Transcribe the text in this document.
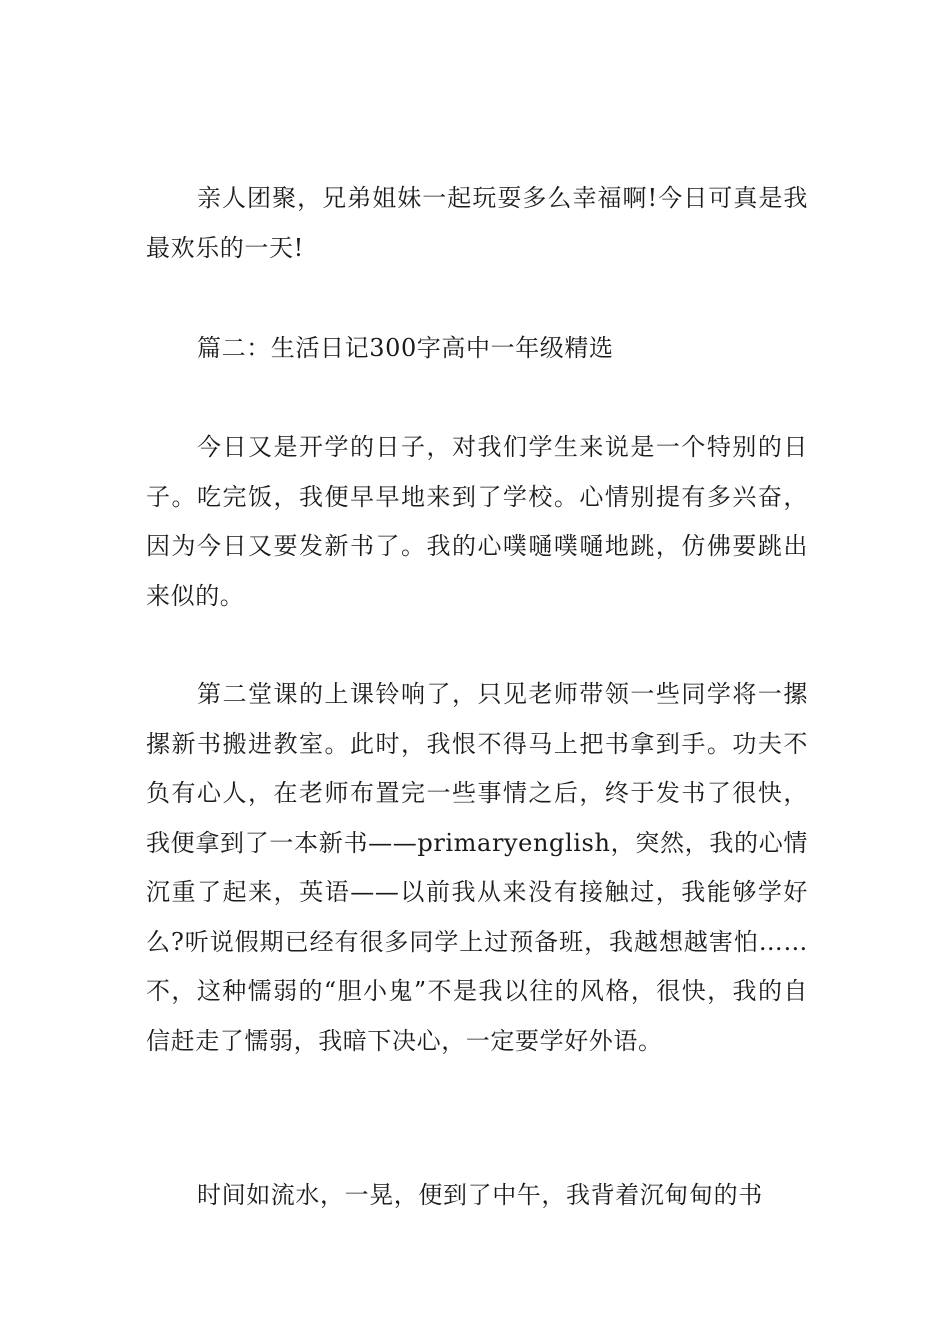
亲人团聚，兄弟姐妹一起玩耍多么幸福啊!今日可真是我最欢乐的一天!

篇二：生活日记300字高中一年级精选

今日又是开学的日子，对我们学生来说是一个特别的日子。吃完饭，我便早早地来到了学校。心情别提有多兴奋，因为今日又要发新书了。我的心噗嗵噗嗵地跳，仿佛要跳出来似的。

第二堂课的上课铃响了，只见老师带领一些同学将一摞摞新书搬进教室。此时，我恨不得马上把书拿到手。功夫不负有心人，在老师布置完一些事情之后，终于发书了很快，我便拿到了一本新书——primaryenglish，突然，我的心情沉重了起来，英语——以前我从来没有接触过，我能够学好么?听说假期已经有很多同学上过预备班，我越想越害怕……不，这种懦弱的“胆小鬼”不是我以往的风格，很快，我的自信赶走了懦弱，我暗下决心，一定要学好外语。

时间如流水，一晃，便到了中午，我背着沉甸甸的书
